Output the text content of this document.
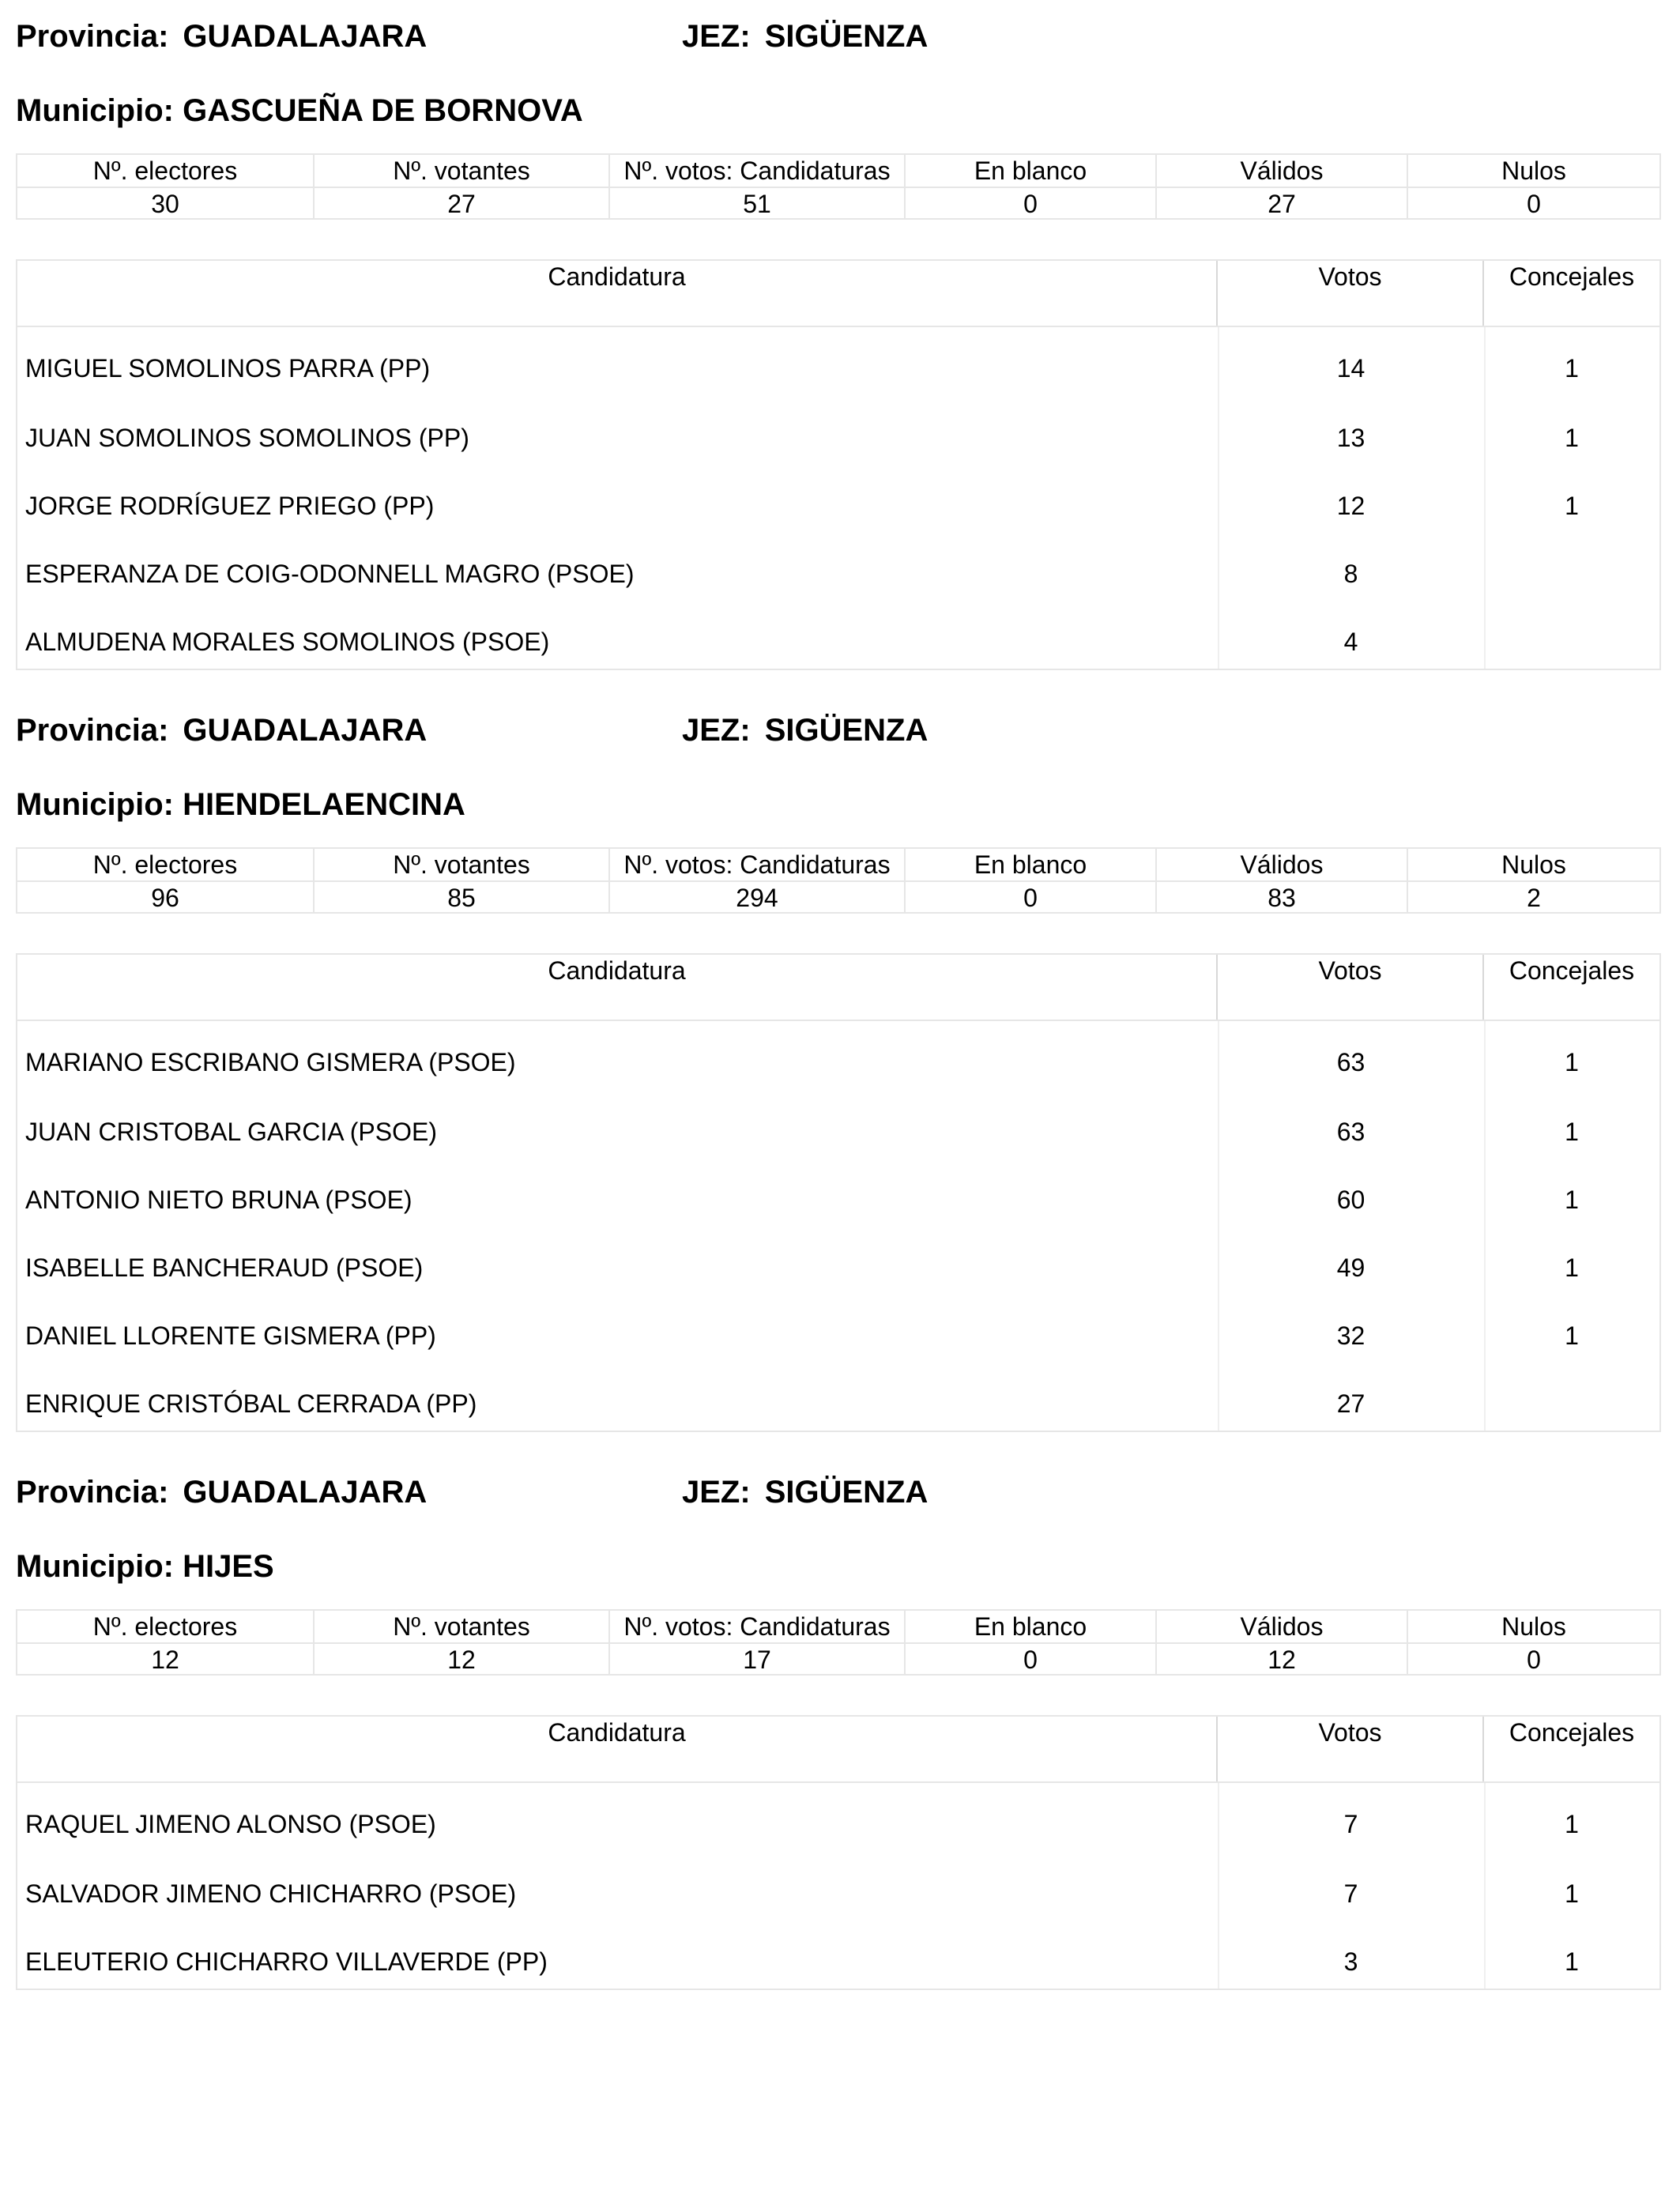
Provincia: GUADALAJARA	JEZ: SIGÜENZA
Municipio: GASCUEÑA DE BORNOVA
Nº. electores	Nº. votantes	Nº. votos: Candidaturas	En blanco	Válidos	Nulos
30	27	51	0	27	0
Candidatura	Votos	Concejales
MIGUEL SOMOLINOS PARRA (PP)	14	1
JUAN SOMOLINOS SOMOLINOS (PP)	13	1
JORGE RODRÍGUEZ PRIEGO (PP)	12	1
ESPERANZA DE COIG-ODONNELL MAGRO (PSOE)	8
ALMUDENA MORALES SOMOLINOS (PSOE)	4
Provincia: GUADALAJARA	JEZ: SIGÜENZA
Municipio: HIENDELAENCINA
Nº. electores	Nº. votantes	Nº. votos: Candidaturas	En blanco	Válidos	Nulos
96	85	294	0	83	2
Candidatura	Votos	Concejales
MARIANO ESCRIBANO GISMERA (PSOE)	63	1
JUAN CRISTOBAL GARCIA (PSOE)	63	1
ANTONIO NIETO BRUNA (PSOE)	60	1
ISABELLE BANCHERAUD (PSOE)	49	1
DANIEL LLORENTE GISMERA (PP)	32	1
ENRIQUE CRISTÓBAL CERRADA (PP)	27
Provincia: GUADALAJARA	JEZ: SIGÜENZA
Municipio: HIJES
Nº. electores	Nº. votantes	Nº. votos: Candidaturas	En blanco	Válidos	Nulos
12	12	17	0	12	0
Candidatura	Votos	Concejales
RAQUEL JIMENO ALONSO (PSOE)	7	1
SALVADOR JIMENO CHICHARRO (PSOE)	7	1
ELEUTERIO CHICHARRO VILLAVERDE (PP)	3	1
